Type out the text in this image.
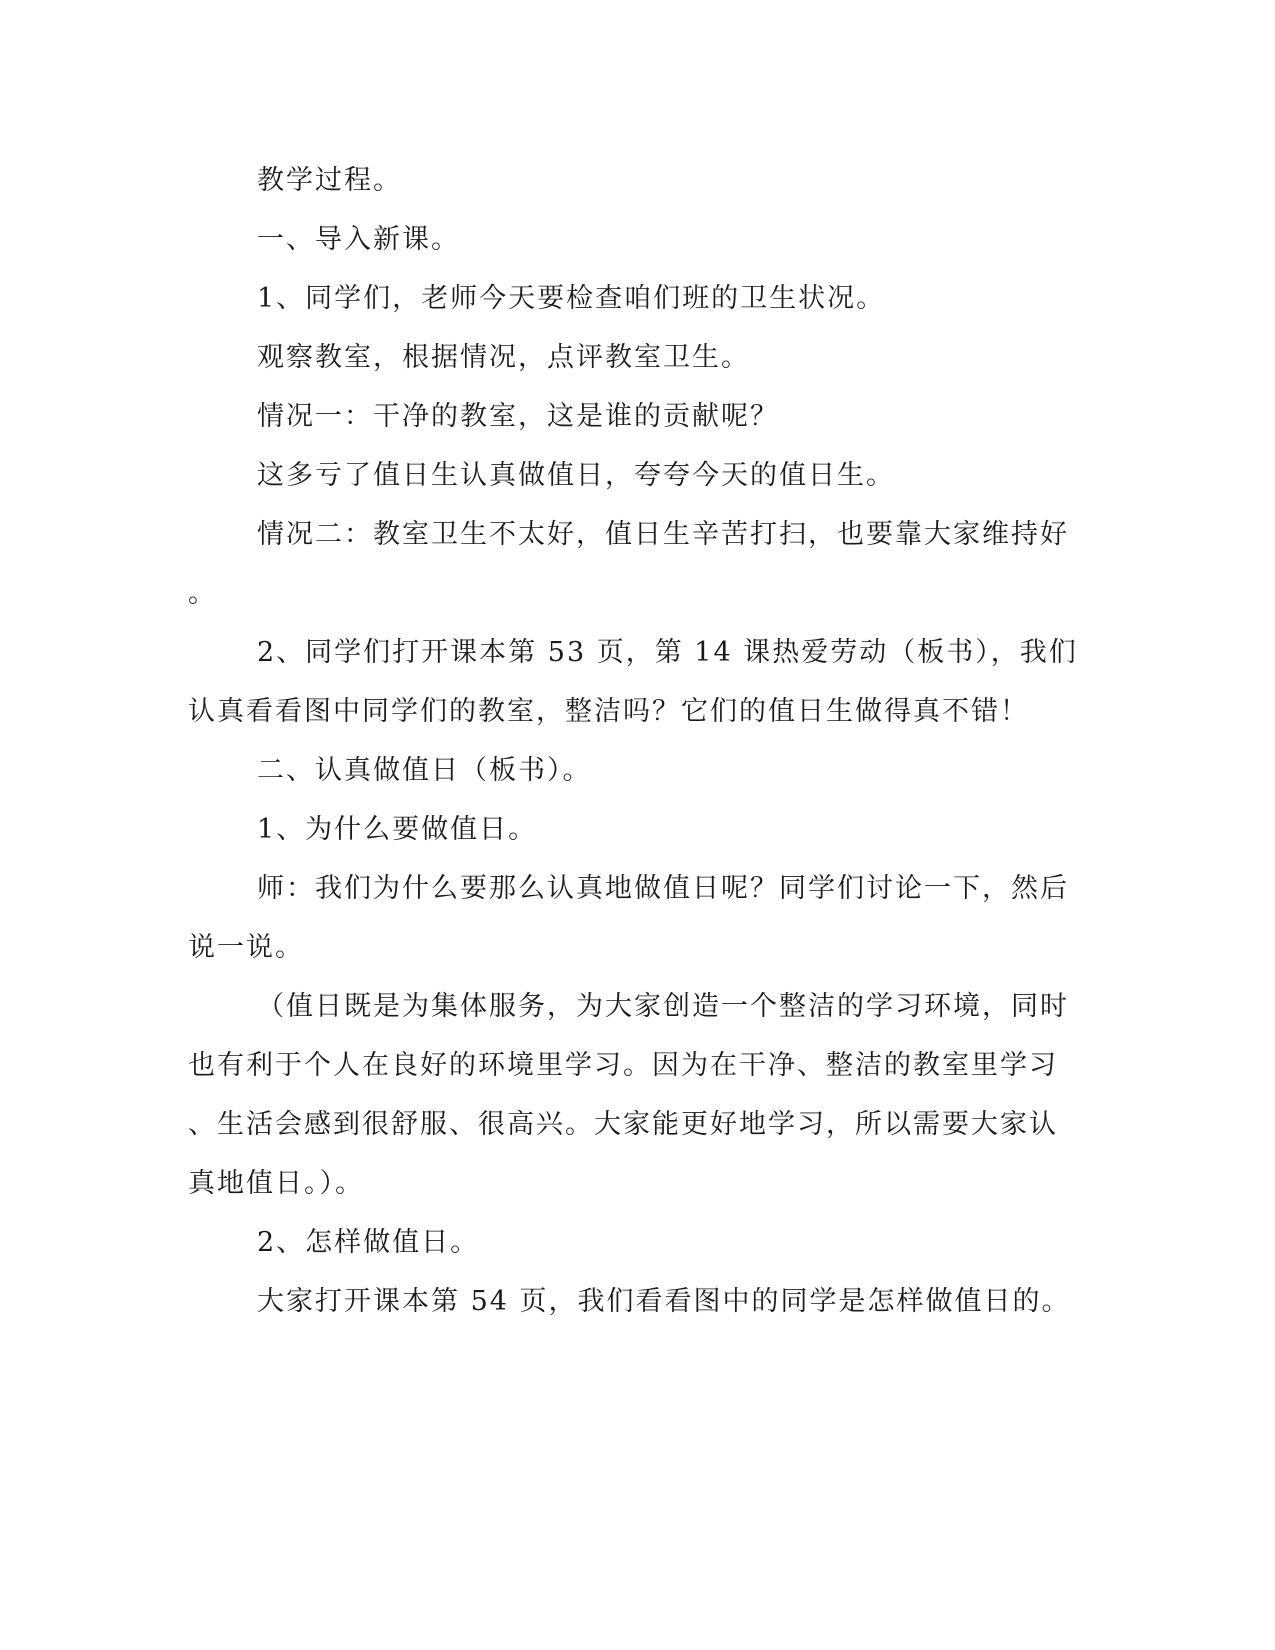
教学过程。
一、导入新课。
1、同学们，老师今天要检查咱们班的卫生状况。
观察教室，根据情况，点评教室卫生。
情况一：干净的教室，这是谁的贡献呢？
这多亏了值日生认真做值日，夸夸今天的值日生。
情况二：教室卫生不太好，值日生辛苦打扫，也要靠大家维持好
。
2、同学们打开课本第 53 页，第 14 课热爱劳动（板书），我们
认真看看图中同学们的教室，整洁吗？它们的值日生做得真不错！
二、认真做值日（板书）。
1、为什么要做值日。
师：我们为什么要那么认真地做值日呢？同学们讨论一下，然后
说一说。
（值日既是为集体服务，为大家创造一个整洁的学习环境，同时
也有利于个人在良好的环境里学习。因为在干净、整洁的教室里学习
、生活会感到很舒服、很高兴。大家能更好地学习，所以需要大家认
真地值日。）。
2、怎样做值日。
大家打开课本第 54 页，我们看看图中的同学是怎样做值日的。
